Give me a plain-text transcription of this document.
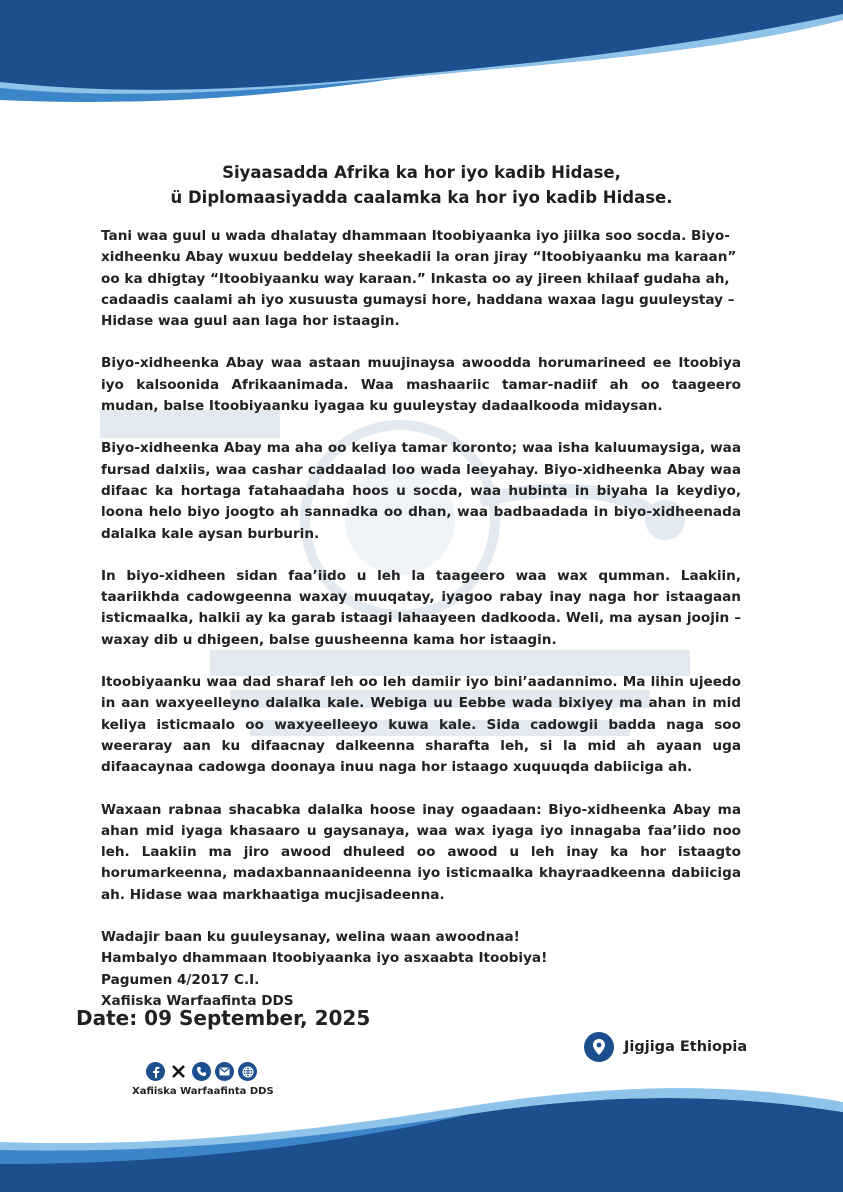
Siyaasadda Afrika ka hor iyo kadib Hidase,
ü Diplomaasiyadda caalamka ka hor iyo kadib Hidase.

Tani waa guul u wada dhalatay dhammaan Itoobiyaanka iyo jiilka soo socda. Biyo-xidheenku Abay wuxuu beddelay sheekadii la oran jiray “Itoobiyaanku ma karaan” oo ka dhigtay “Itoobiyaanku way karaan.” Inkasta oo ay jireen khilaaf gudaha ah, cadaadis caalami ah iyo xusuusta gumaysi hore, haddana waxaa lagu guuleystay – Hidase waa guul aan laga hor istaagin.

Biyo-xidheenka Abay waa astaan muujinaysa awoodda horumarineed ee Itoobiya iyo kalsoonida Afrikaanimada. Waa mashaariic tamar-nadiif ah oo taageero mudan, balse Itoobiyaanku iyagaa ku guuleystay dadaalkooda midaysan.

Biyo-xidheenka Abay ma aha oo keliya tamar koronto; waa isha kaluumaysiga, waa fursad dalxiis, waa cashar caddaalad loo wada leeyahay. Biyo-xidheenka Abay waa difaac ka hortaga fatahaadaha hoos u socda, waa hubinta in biyaha la keydiyo, loona helo biyo joogto ah sannadka oo dhan, waa badbaadada in biyo-xidheenada dalalka kale aysan burburin.

In biyo-xidheen sidan faa’iido u leh la taageero waa wax qumman. Laakiin, taariikhda cadowgeenna waxay muuqatay, iyagoo rabay inay naga hor istaagaan isticmaalka, halkii ay ka garab istaagi lahaayeen dadkooda. Weli, ma aysan joojin – waxay dib u dhigeen, balse guusheenna kama hor istaagin.

Itoobiyaanku waa dad sharaf leh oo leh damiir iyo bini’aadannimo. Ma lihin ujeedo in aan waxyeelleyno dalalka kale. Webiga uu Eebbe wada bixiyey ma ahan in mid keliya isticmaalo oo waxyeelleeyo kuwa kale. Sida cadowgii badda naga soo weeraray aan ku difaacnay dalkeenna sharafta leh, si la mid ah ayaan uga difaacaynaa cadowga doonaya inuu naga hor istaago xuquuqda dabiiciga ah.

Waxaan rabnaa shacabka dalalka hoose inay ogaadaan: Biyo-xidheenka Abay ma ahan mid iyaga khasaaro u gaysanaya, waa wax iyaga iyo innagaba faa’iido noo leh. Laakiin ma jiro awood dhuleed oo awood u leh inay ka hor istaagto horumarkeenna, madaxbannaanideenna iyo isticmaalka khayraadkeenna dabiiciga ah. Hidase waa markhaatiga mucjisadeenna.

Wadajir baan ku guuleysanay, welina waan awoodnaa!
Hambalyo dhammaan Itoobiyaanka iyo asxaabta Itoobiya!
Pagumen 4/2017 C.I.
Xafiiska Warfaafinta DDS
Date: 09 September, 2025
Jigjiga Ethiopia
Xafiiska Warfaafinta DDS
